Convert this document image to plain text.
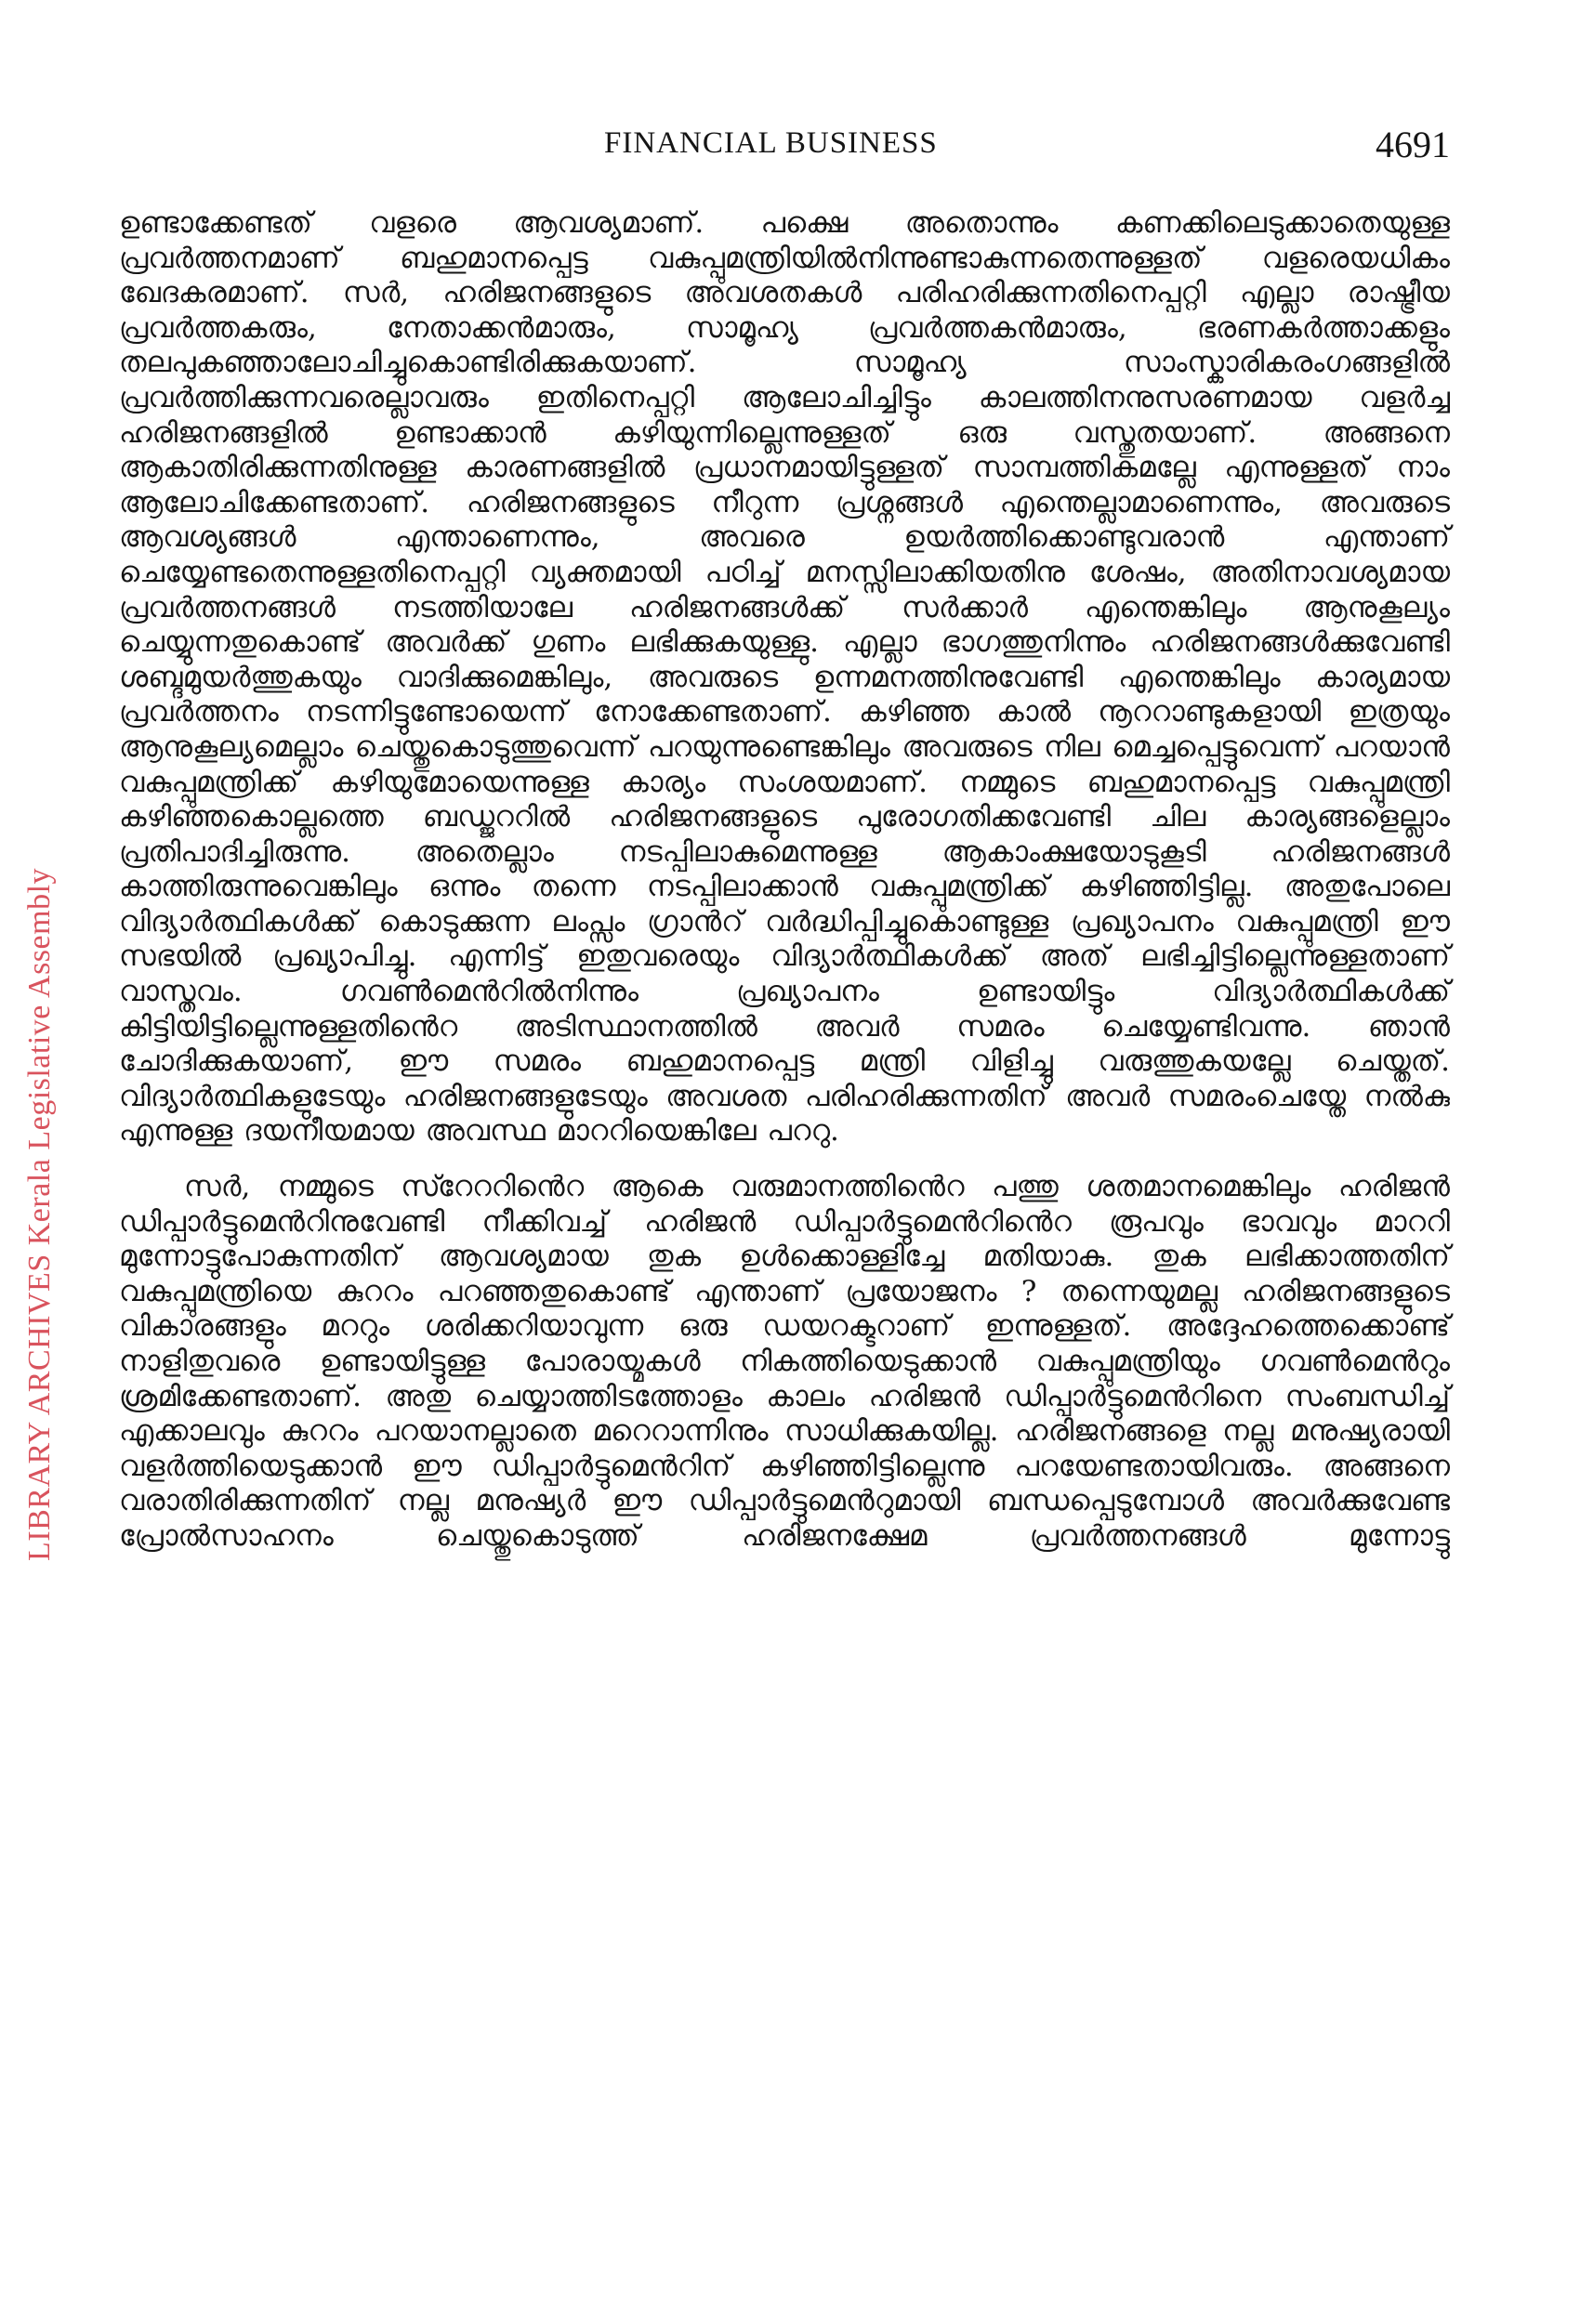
LIBRARY ARCHIVES Kerala Legislative Assembly
FINANCIAL BUSINESS	4691

ഉണ്ടാക്കേണ്ടത് വളരെ ആവശ്യമാണ്. പക്ഷെ അതൊന്നും കണക്കിലെടുക്കാതെയുള്ള പ്രവർത്തനമാണ് ബഹുമാനപ്പെട്ട വകുപ്പുമന്ത്രിയിൽനിന്നുണ്ടാകുന്നതെന്നുള്ളത് വളരെയധികം ഖേദകരമാണ്. സർ, ഹരിജനങ്ങളുടെ അവശതകൾ പരിഹരിക്കുന്നതിനെപ്പറ്റി എല്ലാ രാഷ്ട്രീയ പ്രവർത്തകരും, നേതാക്കൻമാരും, സാമൂഹ്യ പ്രവർത്തകൻമാരും, ഭരണകർത്താക്കളും തലപുകഞ്ഞാലോചിച്ചുകൊണ്ടിരിക്കുകയാണ്. സാമൂഹ്യ സാംസ്കാരികരംഗങ്ങളിൽ പ്രവർത്തിക്കുന്നവരെല്ലാവരും ഇതിനെപ്പറ്റി ആലോചിച്ചിട്ടും കാലത്തിനനുസരണമായ വളർച്ച ഹരിജനങ്ങളിൽ ഉണ്ടാക്കാൻ കഴിയുന്നില്ലെന്നുള്ളത് ഒരു വസ്തുതയാണ്. അങ്ങനെ ആകാതിരിക്കുന്നതിനുള്ള കാരണങ്ങളിൽ പ്രധാനമായിട്ടുള്ളത് സാമ്പത്തികമല്ലേ എന്നുള്ളത് നാം ആലോചിക്കേണ്ടതാണ്. ഹരിജനങ്ങളുടെ നീറുന്ന പ്രശ്നങ്ങൾ എന്തെല്ലാമാണെന്നും, അവരുടെ ആവശ്യങ്ങൾ എന്താണെന്നും, അവരെ ഉയർത്തിക്കൊണ്ടുവരാൻ എന്താണ് ചെയ്യേണ്ടതെന്നുള്ളതിനെപ്പറ്റി വ്യക്തമായി പഠിച്ച് മനസ്സിലാക്കിയതിനു ശേഷം, അതിനാവശ്യമായ പ്രവർത്തനങ്ങൾ നടത്തിയാലേ ഹരിജനങ്ങൾക്ക് സർക്കാർ എന്തെങ്കിലും ആനുകൂല്യം ചെയ്യുന്നതുകൊണ്ട് അവർക്ക് ഗുണം ലഭിക്കുകയുള്ളു. എല്ലാ ഭാഗത്തുനിന്നും ഹരിജനങ്ങൾക്കുവേണ്ടി ശബ്ദമുയർത്തുകയും വാദിക്കുമെങ്കിലും, അവരുടെ ഉന്നമനത്തിനുവേണ്ടി എന്തെങ്കിലും കാര്യമായ പ്രവർത്തനം നടന്നിട്ടുണ്ടോയെന്ന് നോക്കേണ്ടതാണ്. കഴിഞ്ഞ കാൽ നൂററാണ്ടുകളായി ഇത്രയും ആനുകൂല്യമെല്ലാം ചെയ്തുകൊടുത്തുവെന്ന് പറയുന്നുണ്ടെങ്കിലും അവരുടെ നില മെച്ചപ്പെട്ടുവെന്ന് പറയാൻ വകുപ്പുമന്ത്രിക്ക് കഴിയുമോയെന്നുള്ള കാര്യം സംശയമാണ്. നമ്മുടെ ബഹുമാനപ്പെട്ട വകുപ്പുമന്ത്രി കഴിഞ്ഞകൊല്ലത്തെ ബഡ്ജററിൽ ഹരിജനങ്ങളുടെ പുരോഗതിക്കവേണ്ടി ചില കാര്യങ്ങളെല്ലാം പ്രതിപാദിച്ചിരുന്നു. അതെല്ലാം നടപ്പിലാകുമെന്നുള്ള ആകാംക്ഷയോടുകൂടി ഹരിജനങ്ങൾ കാത്തിരുന്നുവെങ്കിലും ഒന്നും തന്നെ നടപ്പിലാക്കാൻ വകുപ്പുമന്ത്രിക്ക് കഴിഞ്ഞിട്ടില്ല. അതുപോലെ വിദ്യാർത്ഥികൾക്ക് കൊടുക്കുന്ന ലംപ്സം ഗ്രാൻറ് വർദ്ധിപ്പിച്ചുകൊണ്ടുള്ള പ്രഖ്യാപനം വകുപ്പുമന്ത്രി ഈ സഭയിൽ പ്രഖ്യാപിച്ചു. എന്നിട്ട് ഇതുവരെയും വിദ്യാർത്ഥികൾക്ക് അത് ലഭിച്ചിട്ടില്ലെന്നുള്ളതാണ് വാസ്തവം. ഗവൺമെൻറിൽനിന്നും പ്രഖ്യാപനം ഉണ്ടായിട്ടും വിദ്യാർത്ഥികൾക്ക് കിട്ടിയിട്ടില്ലെന്നുള്ളതിൻെറ അടിസ്ഥാനത്തിൽ അവർ സമരം ചെയ്യേണ്ടിവന്നു. ഞാൻ ചോദിക്കുകയാണ്, ഈ സമരം ബഹുമാനപ്പെട്ട മന്ത്രി വിളിച്ചു വരുത്തുകയല്ലേ ചെയ്തത്. വിദ്യാർത്ഥികളുടേയും ഹരിജനങ്ങളുടേയും അവശത പരിഹരിക്കുന്നതിന് അവർ സമരംചെയ്തേ നൽകു എന്നുള്ള ദയനീയമായ അവസ്ഥ മാററിയെങ്കിലേ പററു.

സർ, നമ്മുടെ സ്റേററിൻെറ ആകെ വരുമാനത്തിൻെറ പത്തു ശതമാനമെങ്കിലും ഹരിജൻ ഡിപ്പാർട്ടുമെൻറിനുവേണ്ടി നീക്കിവച്ച് ഹരിജൻ ഡിപ്പാർട്ടുമെൻറിൻെറ രൂപവും ഭാവവും മാററി മുന്നോട്ടുപോകുന്നതിന് ആവശ്യമായ തുക ഉൾക്കൊള്ളിച്ചേ മതിയാകു. തുക ലഭിക്കാത്തതിന് വകുപ്പുമന്ത്രിയെ കുററം പറഞ്ഞതുകൊണ്ട് എന്താണ് പ്രയോജനം ? തന്നെയുമല്ല ഹരിജനങ്ങളുടെ വികാരങ്ങളും മററും ശരിക്കറിയാവുന്ന ഒരു ഡയറക്ടറാണ് ഇന്നുള്ളത്. അദ്ദേഹത്തെക്കൊണ്ട് നാളിതുവരെ ഉണ്ടായിട്ടുള്ള പോരായ്മകൾ നികത്തിയെടുക്കാൻ വകുപ്പുമന്ത്രിയും ഗവൺമെൻറും ശ്രമിക്കേണ്ടതാണ്. അതു ചെയ്യാത്തിടത്തോളം കാലം ഹരിജൻ ഡിപ്പാർട്ടുമെൻറിനെ സംബന്ധിച്ച് എക്കാലവും കുററം പറയാനല്ലാതെ മറെറാന്നിനും സാധിക്കുകയില്ല. ഹരിജനങ്ങളെ നല്ല മനുഷ്യരായി വളർത്തിയെടുക്കാൻ ഈ ഡിപ്പാർട്ടുമെൻറിന് കഴിഞ്ഞിട്ടില്ലെന്നു പറയേണ്ടതായിവരും. അങ്ങനെ വരാതിരിക്കുന്നതിന് നല്ല മനുഷ്യർ ഈ ഡിപ്പാർട്ടുമെൻറുമായി ബന്ധപ്പെടുമ്പോൾ അവർക്കുവേണ്ട പ്രോൽസാഹനം ചെയ്തുകൊടുത്ത് ഹരിജനക്ഷേമ പ്രവർത്തനങ്ങൾ മുന്നോട്ടു
